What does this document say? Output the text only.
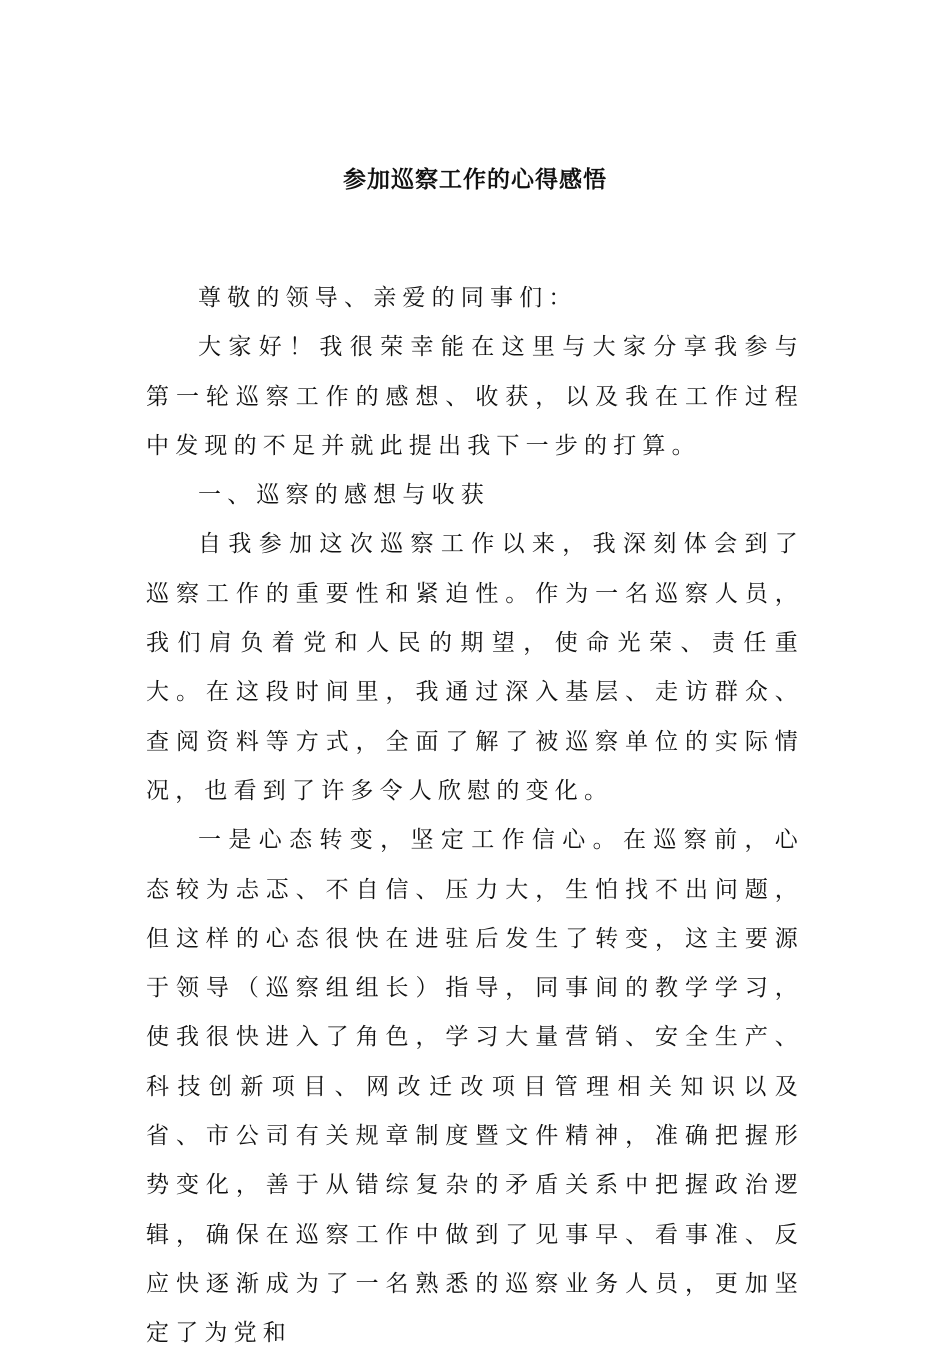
参加巡察工作的心得感悟

尊敬的领导、亲爱的同事们：

大家好！我很荣幸能在这里与大家分享我参与第一轮巡察工作的感想、收获，以及我在工作过程中发现的不足并就此提出我下一步的打算。

一、巡察的感想与收获

自我参加这次巡察工作以来，我深刻体会到了巡察工作的重要性和紧迫性。作为一名巡察人员，我们肩负着党和人民的期望，使命光荣、责任重大。在这段时间里，我通过深入基层、走访群众、查阅资料等方式，全面了解了被巡察单位的实际情况，也看到了许多令人欣慰的变化。

一是心态转变，坚定工作信心。在巡察前，心态较为忐忑、不自信、压力大，生怕找不出问题，但这样的心态很快在进驻后发生了转变，这主要源于领导（巡察组组长）指导，同事间的教学学习，使我很快进入了角色，学习大量营销、安全生产、科技创新项目、网改迁改项目管理相关知识以及省、市公司有关规章制度暨文件精神，准确把握形势变化，善于从错综复杂的矛盾关系中把握政治逻辑，确保在巡察工作中做到了见事早、看事准、反应快逐渐成为了一名熟悉的巡察业务人员，更加坚定了为党和
